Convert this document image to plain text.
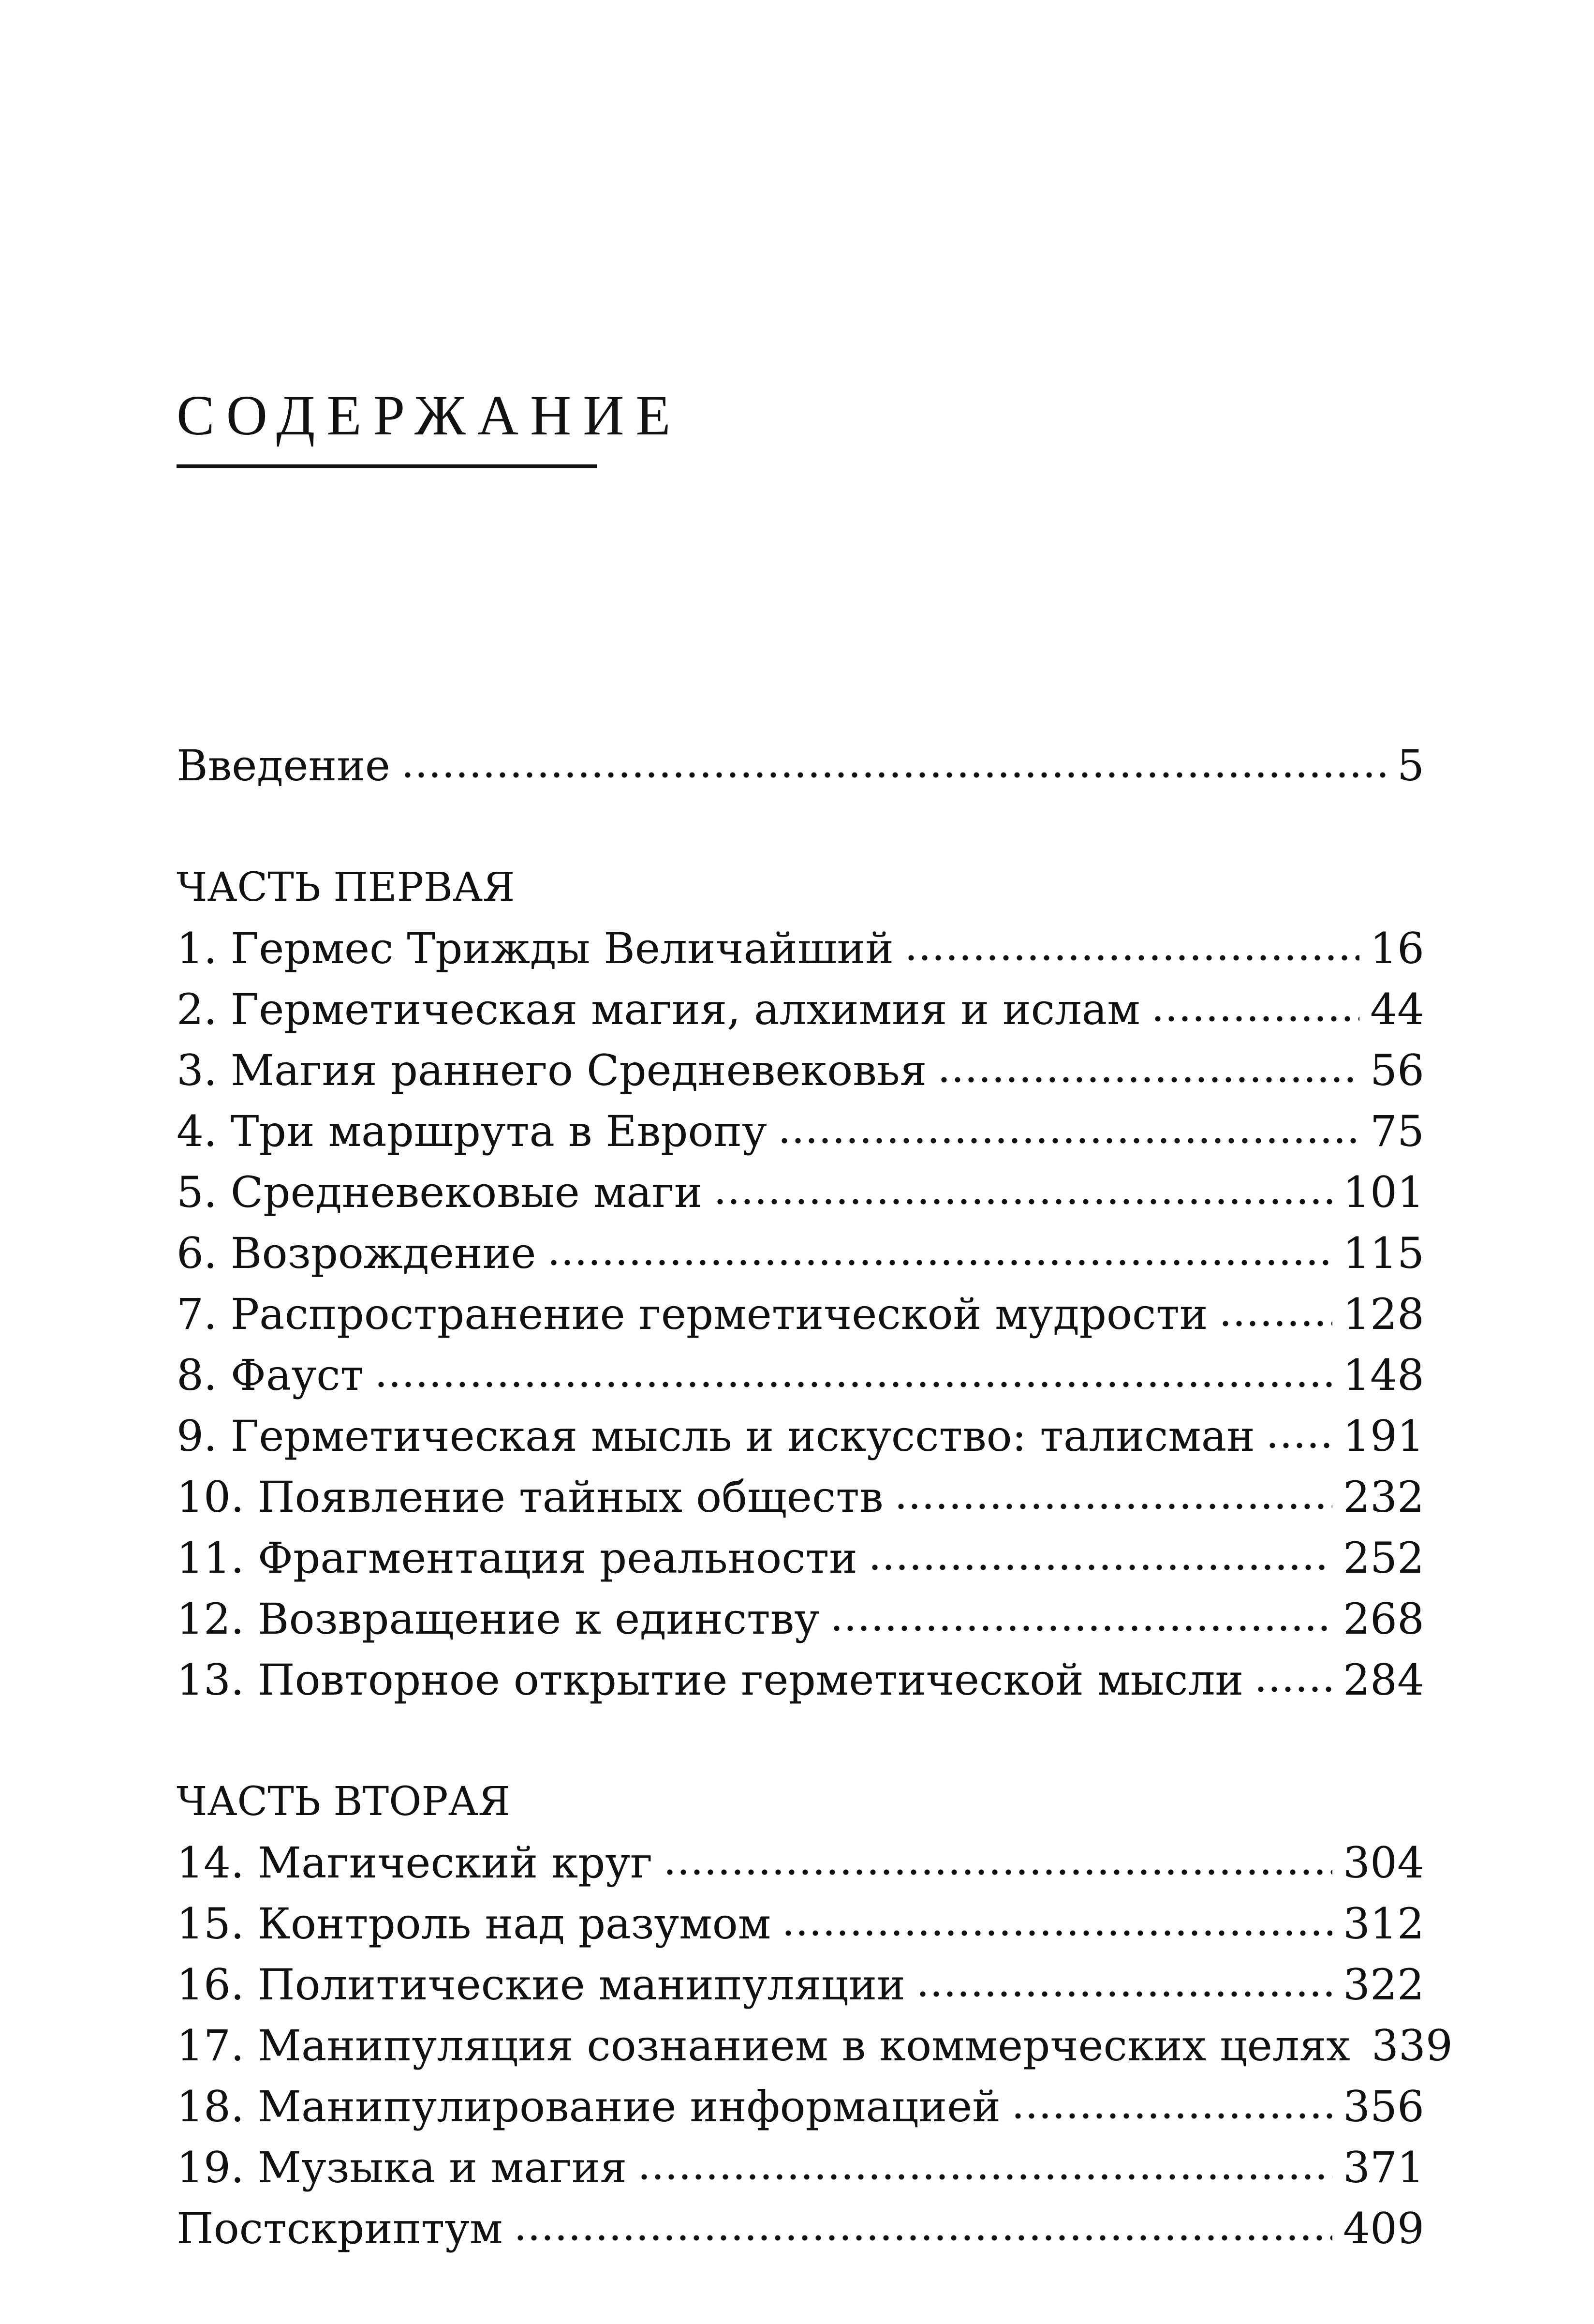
СОДЕРЖАНИЕ
Введение	5
ЧАСТЬ ПЕРВАЯ
1. Гермес Трижды Величайший	16
2. Герметическая магия, алхимия и ислам	44
3. Магия раннего Средневековья	56
4. Три маршрута в Европу	75
5. Средневековые маги	101
6. Возрождение	115
7. Распространение герметической мудрости	128
8. Фауст	148
9. Герметическая мысль и искусство: талисман 191
10. Появление тайных обществ	232
11. Фрагментация реальности	252
12. Возвращение к единству	268
13. Повторное открытие герметической мысли 284
ЧАСТЬ ВТОРАЯ
14. Магический круг	304
15. Контроль над разумом	312
16. Политические манипуляции	322
17. Манипуляция сознанием в коммерческих целях 339
18. Манипулирование информацией	356
19. Музыка и магия	371
Постскриптум	409
